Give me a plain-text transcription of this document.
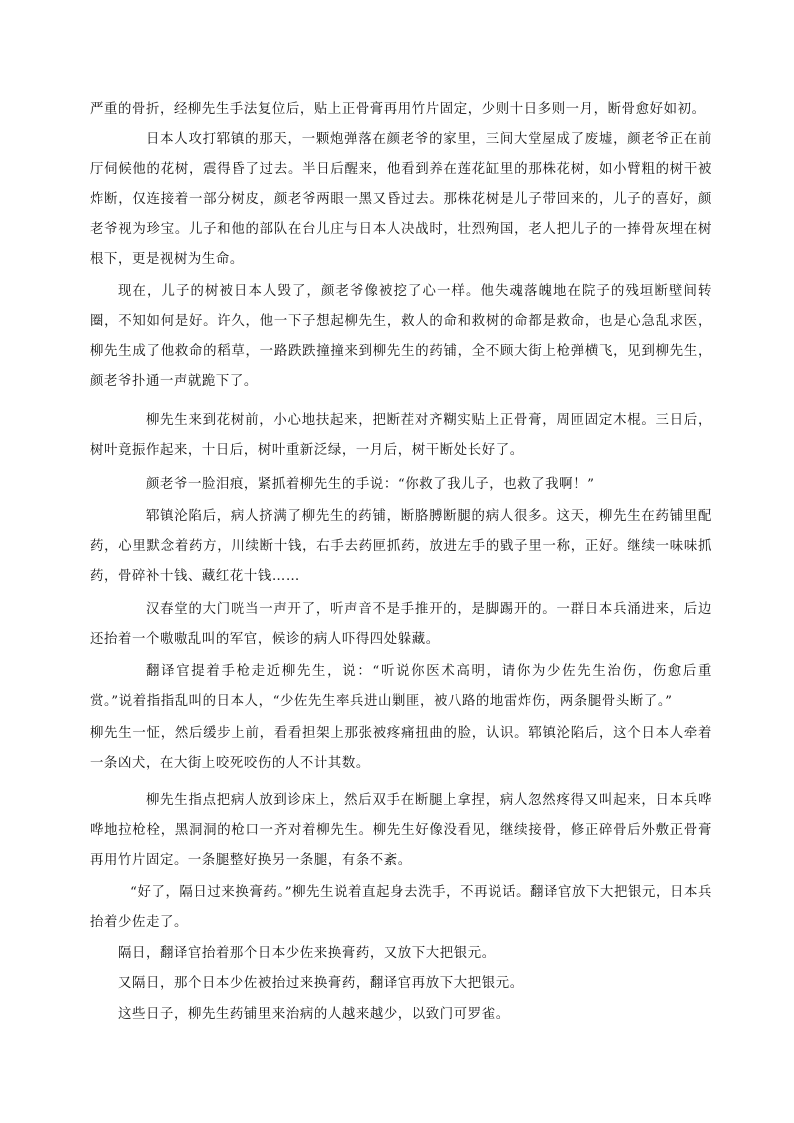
严重的骨折，经柳先生手法复位后，贴上正骨膏再用竹片固定，少则十日多则一月，断骨愈好如初。

日本人攻打郓镇的那天，一颗炮弹落在颜老爷的家里，三间大堂屋成了废墟，颜老爷正在前厅伺候他的花树，震得昏了过去。半日后醒来，他看到养在莲花缸里的那株花树，如小臂粗的树干被炸断，仅连接着一部分树皮，颜老爷两眼一黑又昏过去。那株花树是儿子带回来的，儿子的喜好，颜老爷视为珍宝。儿子和他的部队在台儿庄与日本人决战时，壮烈殉国，老人把儿子的一捧骨灰埋在树根下，更是视树为生命。

现在，儿子的树被日本人毁了，颜老爷像被挖了心一样。他失魂落魄地在院子的残垣断壁间转圈，不知如何是好。许久，他一下子想起柳先生，救人的命和救树的命都是救命，也是心急乱求医，柳先生成了他救命的稻草，一路跌跌撞撞来到柳先生的药铺，全不顾大街上枪弹横飞，见到柳先生，颜老爷扑通一声就跪下了。

柳先生来到花树前，小心地扶起来，把断茬对齐糊实贴上正骨膏，周匝固定木棍。三日后，树叶竟振作起来，十日后，树叶重新泛绿，一月后，树干断处长好了。

颜老爷一脸泪痕，紧抓着柳先生的手说：“你救了我儿子，也救了我啊！”

郓镇沦陷后，病人挤满了柳先生的药铺，断胳膊断腿的病人很多。这天，柳先生在药铺里配药，心里默念着药方，川续断十钱，右手去药匣抓药，放进左手的戥子里一称，正好。继续一味味抓药，骨碎补十钱、藏红花十钱……

汉春堂的大门咣当一声开了，听声音不是手推开的，是脚踢开的。一群日本兵涌进来，后边还抬着一个嗷嗷乱叫的军官，候诊的病人吓得四处躲藏。

翻译官提着手枪走近柳先生，说：“听说你医术高明，请你为少佐先生治伤，伤愈后重赏。”说着指指乱叫的日本人，“少佐先生率兵进山剿匪，被八路的地雷炸伤，两条腿骨头断了。”

柳先生一怔，然后缓步上前，看看担架上那张被疼痛扭曲的脸，认识。郓镇沦陷后，这个日本人牵着一条凶犬，在大街上咬死咬伤的人不计其数。

柳先生指点把病人放到诊床上，然后双手在断腿上拿捏，病人忽然疼得又叫起来，日本兵哗哗地拉枪栓，黑洞洞的枪口一齐对着柳先生。柳先生好像没看见，继续接骨，修正碎骨后外敷正骨膏再用竹片固定。一条腿整好换另一条腿，有条不紊。

“好了，隔日过来换膏药。”柳先生说着直起身去洗手，不再说话。翻译官放下大把银元，日本兵抬着少佐走了。

隔日，翻译官抬着那个日本少佐来换膏药，又放下大把银元。

又隔日，那个日本少佐被抬过来换膏药，翻译官再放下大把银元。

这些日子，柳先生药铺里来治病的人越来越少，以致门可罗雀。
